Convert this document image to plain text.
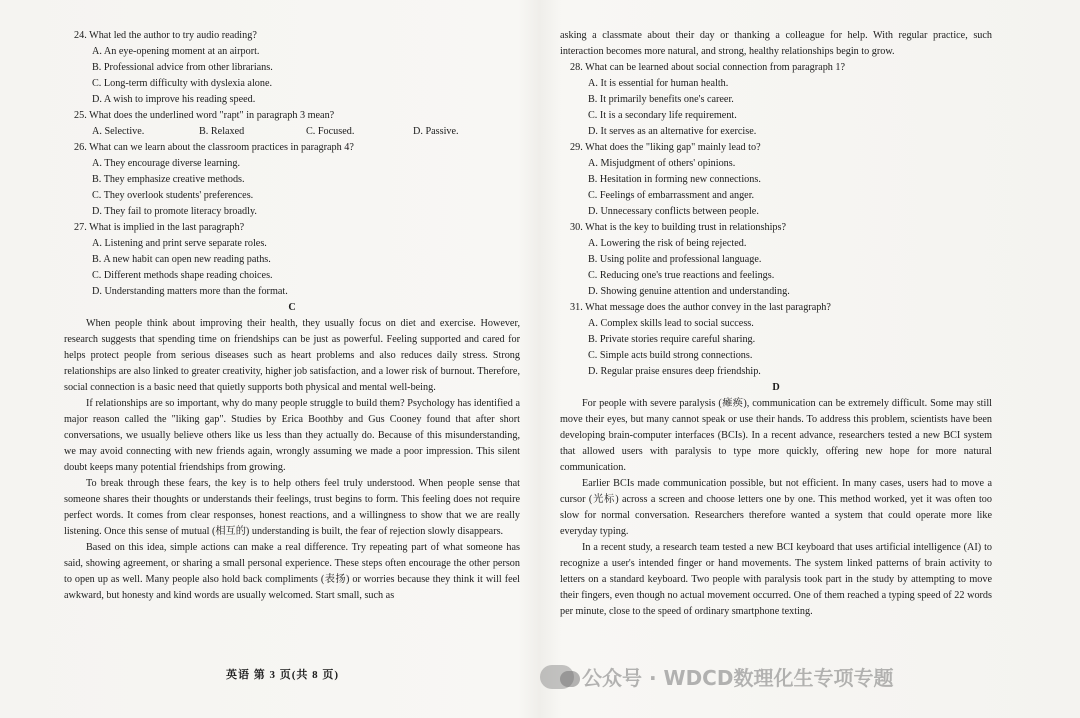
24. What led the author to try audio reading?

A. An eye-opening moment at an airport.

B. Professional advice from other librarians.

C. Long-term difficulty with dyslexia alone.

D. A wish to improve his reading speed.

25. What does the underlined word "rapt" in paragraph 3 mean?

A. Selective.	B. Relaxed	C. Focused.	D. Passive.

26. What can we learn about the classroom practices in paragraph 4?

A. They encourage diverse learning.

B. They emphasize creative methods.

C. They overlook students' preferences.

D. They fail to promote literacy broadly.

27. What is implied in the last paragraph?

A. Listening and print serve separate roles.

B. A new habit can open new reading paths.

C. Different methods shape reading choices.

D. Understanding matters more than the format.

C

When people think about improving their health, they usually focus on diet and exercise. However, research suggests that spending time on friendships can be just as powerful. Feeling supported and cared for helps protect people from serious diseases such as heart problems and also reduces daily stress. Strong relationships are also linked to greater creativity, higher job satisfaction, and a lower risk of burnout. Therefore, social connection is a basic need that quietly supports both physical and mental well-being.

If relationships are so important, why do many people struggle to build them? Psychology has identified a major reason called the "liking gap". Studies by Erica Boothby and Gus Cooney found that after short conversations, we usually believe others like us less than they actually do. Because of this misunderstanding, we may avoid connecting with new friends again, wrongly assuming we made a poor impression. This silent doubt keeps many potential friendships from growing.

To break through these fears, the key is to help others feel truly understood. When people sense that someone shares their thoughts or understands their feelings, trust begins to form. This feeling does not require perfect words. It comes from clear responses, honest reactions, and a willingness to show that we are really listening. Once this sense of mutual (相互的) understanding is built, the fear of rejection slowly disappears.

Based on this idea, simple actions can make a real difference. Try repeating part of what someone has said, showing agreement, or sharing a small personal experience. These steps often encourage the other person to open up as well. Many people also hold back compliments (表扬) or worries because they think it will feel awkward, but honesty and kind words are usually welcomed. Start small, such as

asking a classmate about their day or thanking a colleague for help. With regular practice, such interaction becomes more natural, and strong, healthy relationships begin to grow.

28. What can be learned about social connection from paragraph 1?

A. It is essential for human health.

B. It primarily benefits one's career.

C. It is a secondary life requirement.

D. It serves as an alternative for exercise.

29. What does the "liking gap" mainly lead to?

A. Misjudgment of others' opinions.

B. Hesitation in forming new connections.

C. Feelings of embarrassment and anger.

D. Unnecessary conflicts between people.

30. What is the key to building trust in relationships?

A. Lowering the risk of being rejected.

B. Using polite and professional language.

C. Reducing one's true reactions and feelings.

D. Showing genuine attention and understanding.

31. What message does the author convey in the last paragraph?

A. Complex skills lead to social success.

B. Private stories require careful sharing.

C. Simple acts build strong connections.

D. Regular praise ensures deep friendship.

D

For people with severe paralysis (瘫痪), communication can be extremely difficult. Some may still move their eyes, but many cannot speak or use their hands. To address this problem, scientists have been developing brain-computer interfaces (BCIs). In a recent advance, researchers tested a new BCI system that allowed users with paralysis to type more quickly, offering new hope for more natural communication.

Earlier BCIs made communication possible, but not efficient. In many cases, users had to move a cursor (光标) across a screen and choose letters one by one. This method worked, yet it was often too slow for normal conversation. Researchers therefore wanted a system that could operate more like everyday typing.

In a recent study, a research team tested a new BCI keyboard that uses artificial intelligence (AI) to recognize a user's intended finger or hand movements. The system linked patterns of brain activity to letters on a standard keyboard. Two people with paralysis took part in the study by attempting to move their fingers, even though no actual movement occurred. One of them reached a typing speed of 22 words per minute, close to the speed of ordinary smartphone texting.

英语 第 3 页(共 8 页)	公众号 · WDCD数理化生专项专题
